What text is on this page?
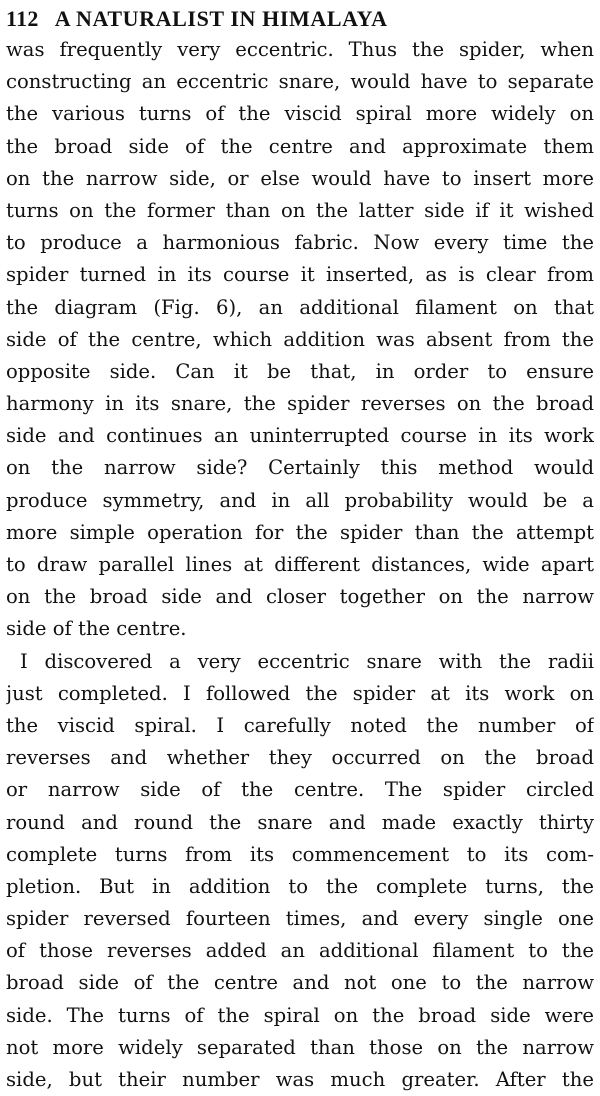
112 A NATURALIST IN HIMALAYA
was frequently very eccentric. Thus the spider, when
constructing an eccentric snare, would have to separate
the various turns of the viscid spiral more widely on
the broad side of the centre and approximate them
on the narrow side, or else would have to insert more
turns on the former than on the latter side if it wished
to produce a harmonious fabric. Now every time the
spider turned in its course it inserted, as is clear from
the diagram (Fig. 6), an additional filament on that
side of the centre, which addition was absent from the
opposite side. Can it be that, in order to ensure
harmony in its snare, the spider reverses on the broad
side and continues an uninterrupted course in its work
on the narrow side? Certainly this method would
produce symmetry, and in all probability would be a
more simple operation for the spider than the attempt
to draw parallel lines at different distances, wide apart
on the broad side and closer together on the narrow
side of the centre.
I discovered a very eccentric snare with the radii
just completed. I followed the spider at its work on
the viscid spiral. I carefully noted the number of
reverses and whether they occurred on the broad
or narrow side of the centre. The spider circled
round and round the snare and made exactly thirty
complete turns from its commencement to its com-
pletion. But in addition to the complete turns, the
spider reversed fourteen times, and every single one
of those reverses added an additional filament to the
broad side of the centre and not one to the narrow
side. The turns of the spiral on the broad side were
not more widely separated than those on the narrow
side, but their number was much greater. After the
